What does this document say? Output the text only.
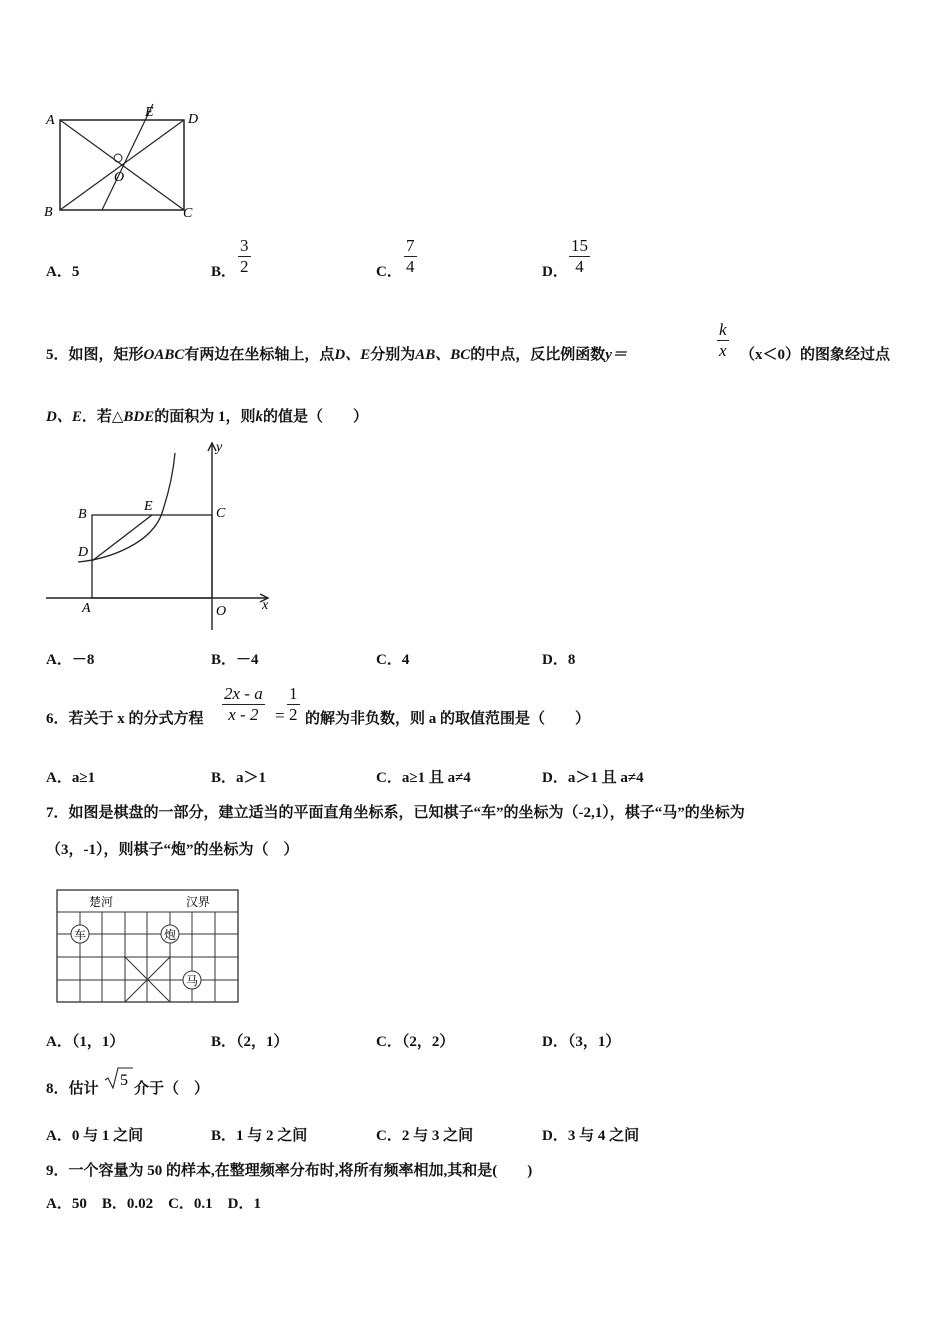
A
E D
O
B	C
A．5	B．
3
2	C．
7
4	D．
15
4
5．如图，矩形OABC有两边在坐标轴上，点D、E分别为AB、BC的中点，反比例函数y＝
k
x （x＜0）的图象经过点
D、E．若△BDE的面积为 1，则k的值是（　　）
y
B
E	C
D
A	O	x
A．－8	B．－4	C．4	D．8
6．若关于 x 的分式方程
2x - a
x - 2 =
1
2 的解为非负数，则 a 的取值范围是（　　）
A．a≥1	B．a＞1	C．a≥1 且 a≠4	D．a＞1 且 a≠4
7．如图是棋盘的一部分，建立适当的平面直角坐标系，已知棋子“车”的坐标为（-2,1），棋子“马”的坐标为
（3，-1），则棋子“炮”的坐标为（　）
楚河	汉界
车	炮
马
A．（1，1）	B．（2，1）	C．（2，2）	D．（3，1）
8．估计 5 介于（　）
A．0 与 1 之间	B．1 与 2 之间	C．2 与 3 之间	D．3 与 4 之间
9．一个容量为 50 的样本,在整理频率分布时,将所有频率相加,其和是(　　)
A．50　B．0.02　C．0.1　D．1
